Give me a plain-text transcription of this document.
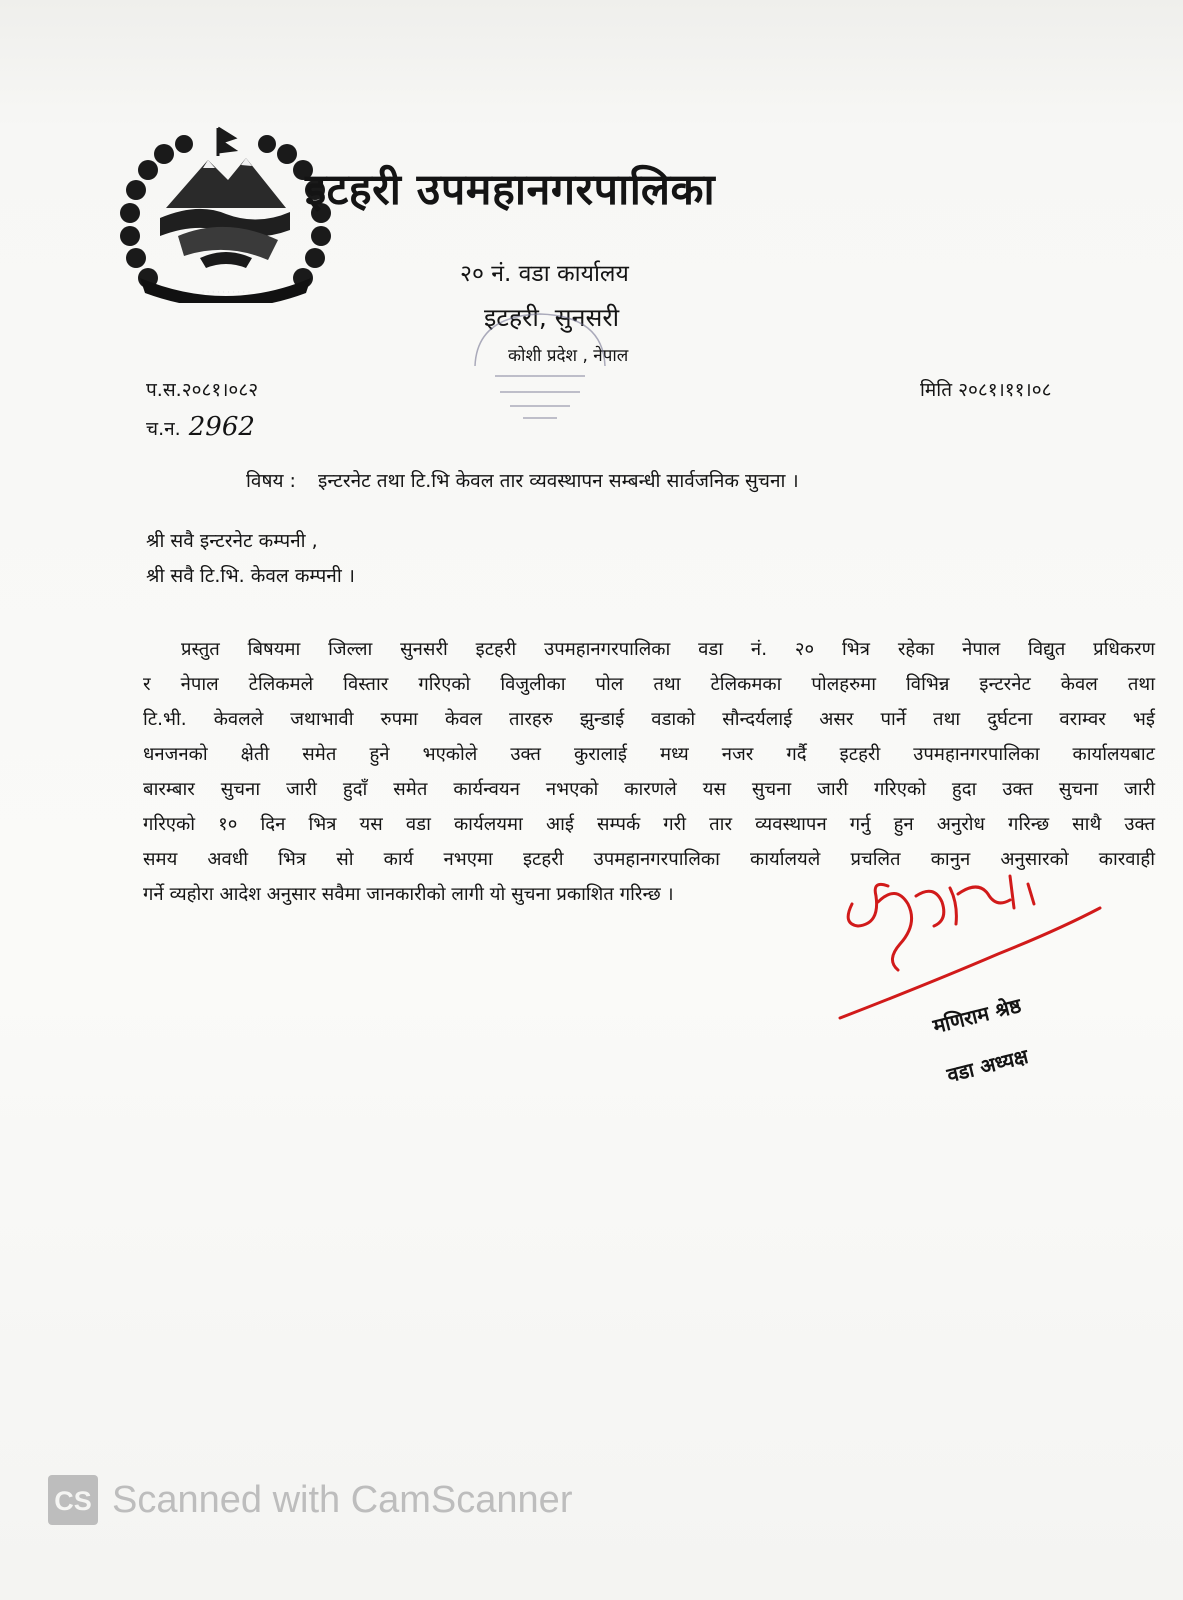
· · · · · · · · · ·
इटहरी उपमहानगरपालिका
२० नं. वडा कार्यालय
इटहरी, सुनसरी
कोशी प्रदेश , नेपाल
प.स.२०८१।०८२
च.न. 2962
मिति २०८१।११।०८
विषय : इन्टरनेट तथा टि.भि केवल तार व्यवस्थापन सम्बन्धी सार्वजनिक सुचना ।
श्री सवै इन्टरनेट कम्पनी ,
श्री सवै टि.भि. केवल कम्पनी ।
प्रस्तुत बिषयमा जिल्ला सुनसरी इटहरी उपमहानगरपालिका वडा नं. २० भित्र रहेका नेपाल विद्युत प्रधिकरण
र नेपाल टेलिकमले विस्तार गरिएको विजुलीका पोल तथा टेलिकमका पोलहरुमा विभिन्न इन्टरनेट केवल तथा
टि.भी. केवलले जथाभावी रुपमा केवल तारहरु झुन्डाई वडाको सौन्दर्यलाई असर पार्ने तथा दुर्घटना वराम्वर भई
धनजनको क्षेती समेत हुने भएकोले उक्त कुरालाई मध्य नजर गर्दै इटहरी उपमहानगरपालिका कार्यालयबाट
बारम्बार सुचना जारी हुदाँ समेत कार्यन्वयन नभएको कारणले यस सुचना जारी गरिएको हुदा उक्त सुचना जारी
गरिएको १० दिन भित्र यस वडा कार्यलयमा आई सम्पर्क गरी तार व्यवस्थापन गर्नु हुन अनुरोध गरिन्छ साथै उक्त
समय अवधी भित्र सो कार्य नभएमा इटहरी उपमहानगरपालिका कार्यालयले प्रचलित कानुन अनुसारको कारवाही
गर्ने व्यहोरा आदेश अनुसार सवैमा जानकारीको लागी यो सुचना प्रकाशित गरिन्छ ।
मणिराम श्रेष्ठ
वडा अध्यक्ष
CS Scanned with CamScanner
